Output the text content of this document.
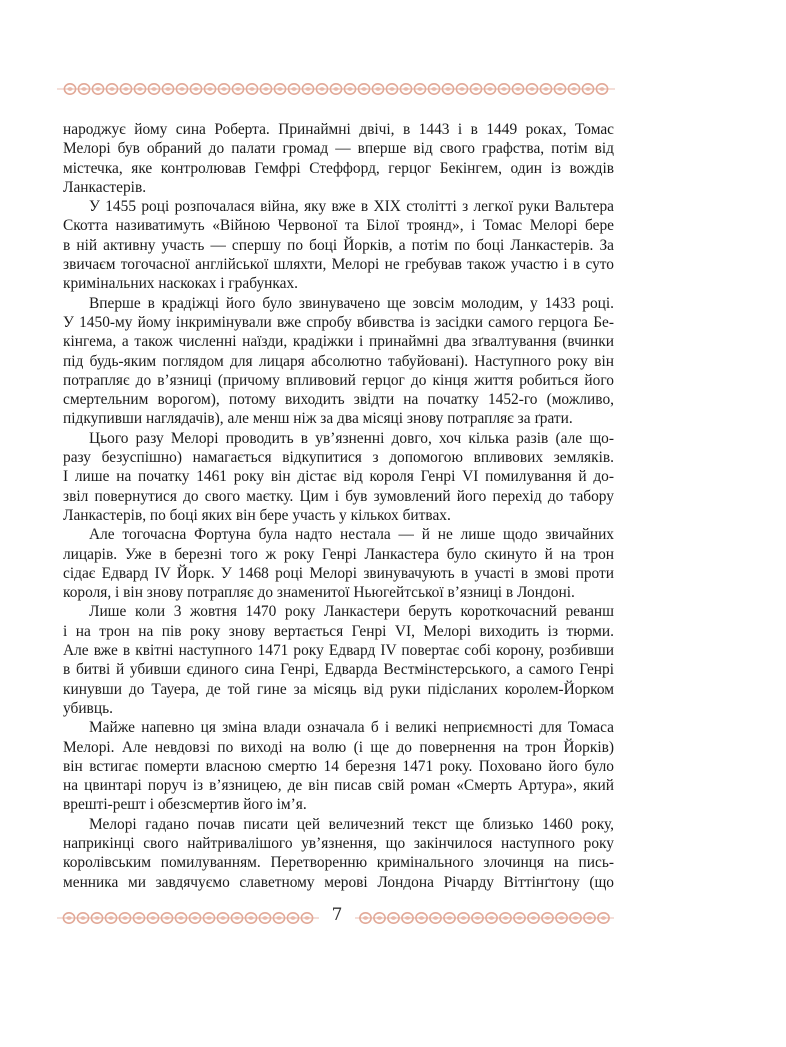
7

народжує йому сина Роберта. Принаймні двічі, в 1443 і в 1449 роках, Томас

Мелорі був обраний до палати громад — вперше від свого графства, потім від

містечка, яке контролював Гемфрі Стеффорд, герцог Бекінгем, один із вождів

Ланкастерів.

У 1455 році розпочалася війна, яку вже в XIX столітті з легкої руки Вальтера

Скотта називатимуть «Війною Червоної та Білої троянд», і Томас Мелорі бере

в ній активну участь — спершу по боці Йорків, а потім по боці Ланкастерів. За

звичаєм тогочасної англійської шляхти, Мелорі не гребував також участю і в суто

кримінальних наскоках і грабунках.

Вперше в крадіжці його було звинувачено ще зовсім молодим, у 1433 році.

У 1450-му йому інкримінували вже спробу вбивства із засідки самого герцога Бе-

кінгема, а також численні наїзди, крадіжки і принаймні два зґвалтування (вчинки

під будь-яким поглядом для лицаря абсолютно табуйовані). Наступного року він

потрапляє до в’язниці (причому впливовий герцог до кінця життя робиться його

смертельним ворогом), потому виходить звідти на початку 1452-го (можливо,

підкупивши наглядачів), але менш ніж за два місяці знову потрапляє за ґрати.

Цього разу Мелорі проводить в ув’язненні довго, хоч кілька разів (але що-

разу безуспішно) намагається відкупитися з допомогою впливових земляків.

І лише на початку 1461 року він дістає від короля Генрі VI помилування й до-

звіл повернутися до свого маєтку. Цим і був зумовлений його перехід до табору

Ланкастерів, по боці яких він бере участь у кількох битвах.

Але тогочасна Фортуна була надто нестала — й не лише щодо звичайних

лицарів. Уже в березні того ж року Генрі Ланкастера було скинуто й на трон

сідає Едвард IV Йорк. У 1468 році Мелорі звинувачують в участі в змові проти

короля, і він знову потрапляє до знаменитої Ньюгейтської в’язниці в Лондоні.

Лише коли 3 жовтня 1470 року Ланкастери беруть короткочасний реванш

і на трон на пів року знову вертається Генрі VI, Мелорі виходить із тюрми.

Але вже в квітні наступного 1471 року Едвард IV повертає собі корону, розбивши

в битві й убивши єдиного сина Генрі, Едварда Вестмінстерського, а самого Генрі

кинувши до Тауера, де той гине за місяць від руки підісланих королем-Йорком

убивць.

Майже напевно ця зміна влади означала б і великі неприємності для Томаса

Мелорі. Але невдовзі по виході на волю (і ще до повернення на трон Йорків)

він встигає померти власною смертю 14 березня 1471 року. Поховано його було

на цвинтарі поруч із в’язницею, де він писав свій роман «Смерть Артура», який

врешті-решт і обезсмертив його ім’я.

Мелорі гадано почав писати цей величезний текст ще близько 1460 року,

наприкінці свого найтривалішого ув’язнення, що закінчилося наступного року

королівським помилуванням. Перетворенню кримінального злочинця на пись-

менника ми завдячуємо славетному мерові Лондона Річарду Віттінґтону (що
